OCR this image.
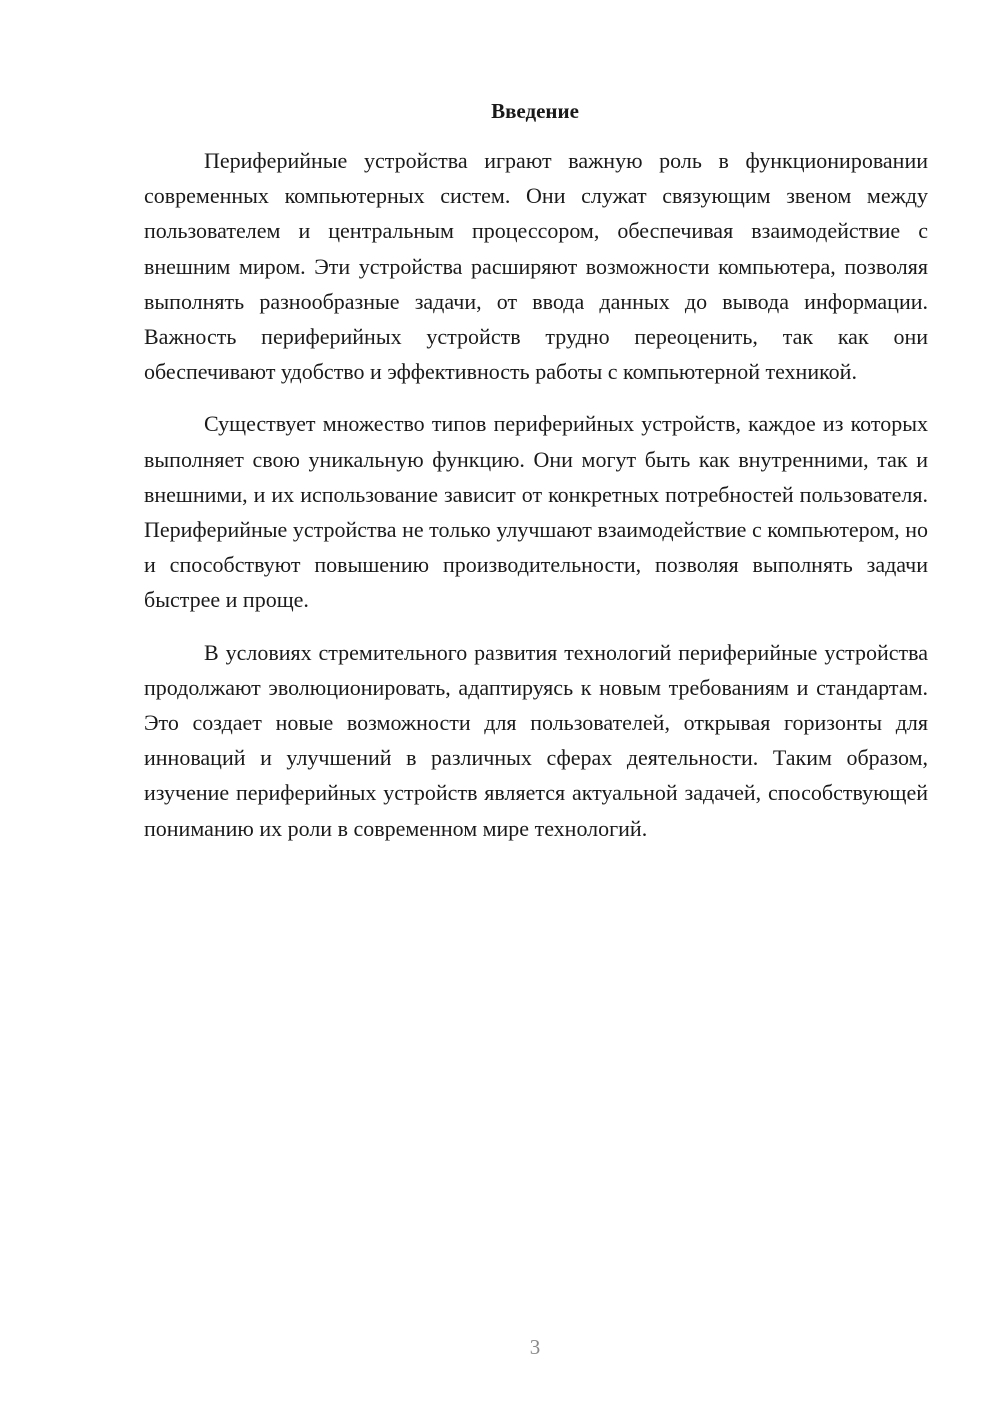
Введение

Периферийные устройства играют важную роль в функционировании современных компьютерных систем. Они служат связующим звеном между пользователем и центральным процессором, обеспечивая взаимодействие с внешним миром. Эти устройства расширяют возможности компьютера, позволяя выполнять разнообразные задачи, от ввода данных до вывода информации. Важность периферийных устройств трудно переоценить, так как они обеспечивают удобство и эффективность работы с компьютерной техникой.

Существует множество типов периферийных устройств, каждое из которых выполняет свою уникальную функцию. Они могут быть как внутренними, так и внешними, и их использование зависит от конкретных потребностей пользователя. Периферийные устройства не только улучшают взаимодействие с компьютером, но и способствуют повышению производительности, позволяя выполнять задачи быстрее и проще.

В условиях стремительного развития технологий периферийные устройства продолжают эволюционировать, адаптируясь к новым требованиям и стандартам. Это создает новые возможности для пользователей, открывая горизонты для инноваций и улучшений в различных сферах деятельности. Таким образом, изучение периферийных устройств является актуальной задачей, способствующей пониманию их роли в современном мире технологий.

3
